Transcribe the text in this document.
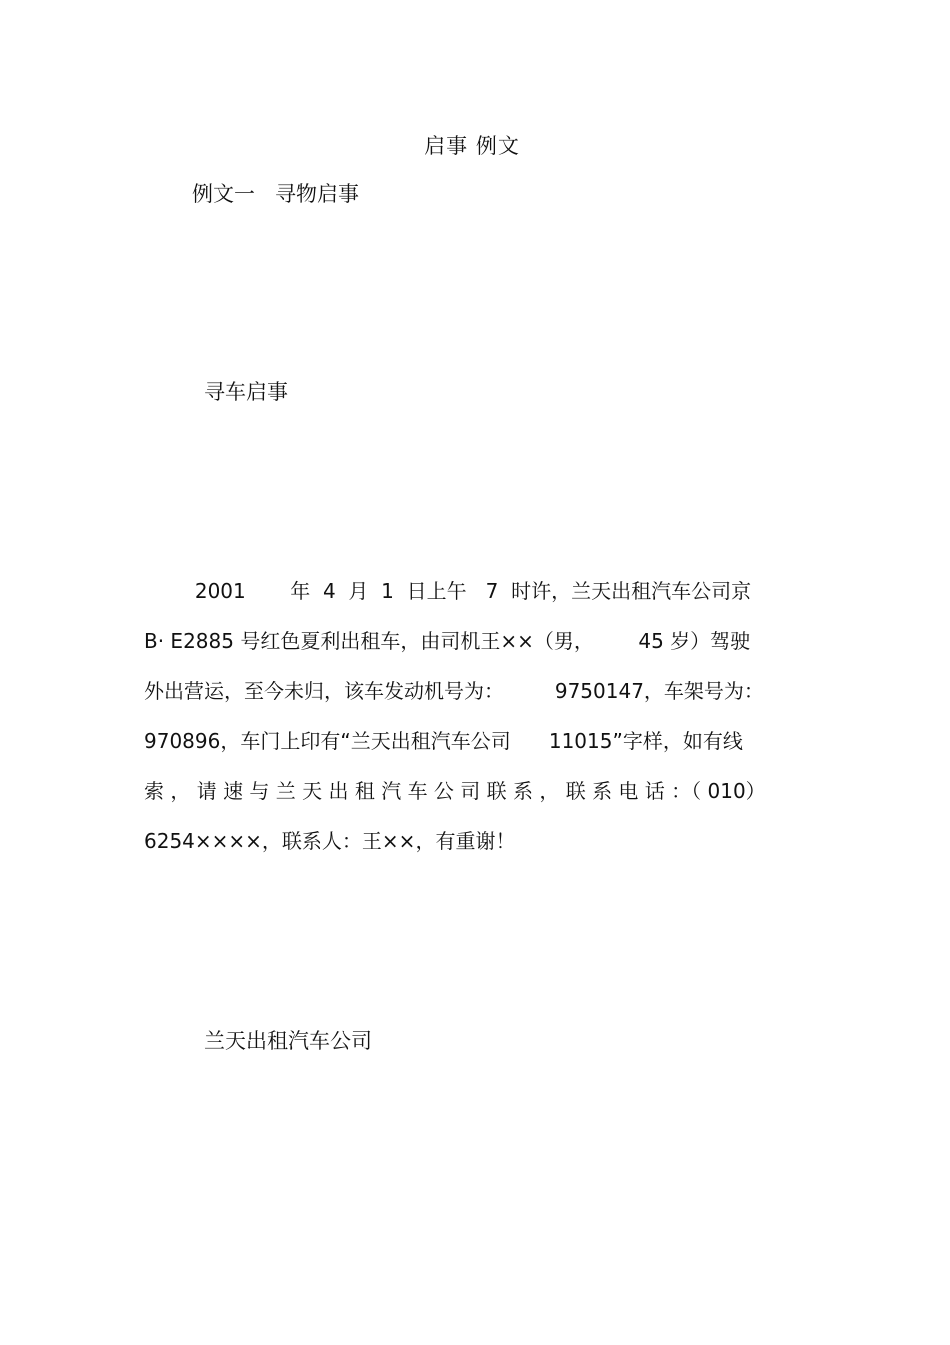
启事 例文
例文一   寻物启事
寻车启事
2001       年  4  月  1  日上午   7  时许，兰天出租汽车公司京
B· E2885 号红色夏利出租车，由司机王××（男，       45 岁）驾驶
外出营运，至今未归，该车发动机号为：        9750147，车架号为：
970896，车门上印有“兰天出租汽车公司      11015”字样，如有线
索 ， 请 速 与 兰 天 出 租 汽 车 公 司 联 系 ， 联 系 电 话 ：（ 010）
6254××××，联系人：王××，有重谢！
兰天出租汽车公司
